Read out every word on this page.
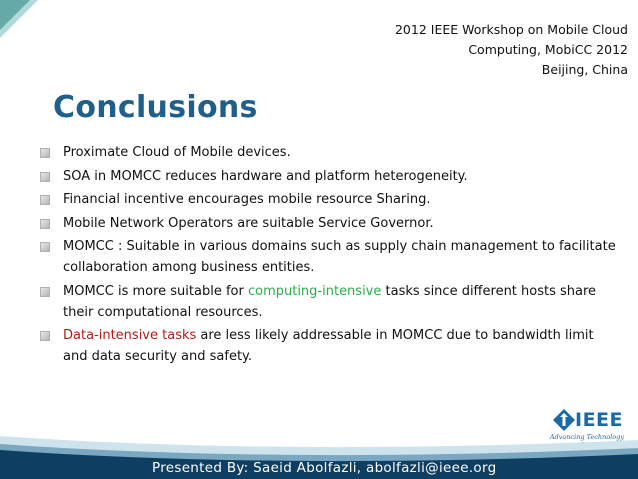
2012 IEEE Workshop on Mobile Cloud
Computing, MobiCC 2012
Beijing, China
Conclusions
Proximate Cloud of Mobile devices.
SOA in MOMCC reduces hardware and platform heterogeneity.
Financial incentive encourages mobile resource Sharing.
Mobile Network Operators are suitable Service Governor.
MOMCC : Suitable in various domains such as supply chain management to facilitate collaboration among business entities.
MOMCC is more suitable for computing-intensive tasks since different hosts share their computational resources.
Data-intensive tasks are less likely addressable in MOMCC due to bandwidth limit and data security and safety.
IEEE
Advancing Technology
Presented By: Saeid Abolfazli, abolfazli@ieee.org
